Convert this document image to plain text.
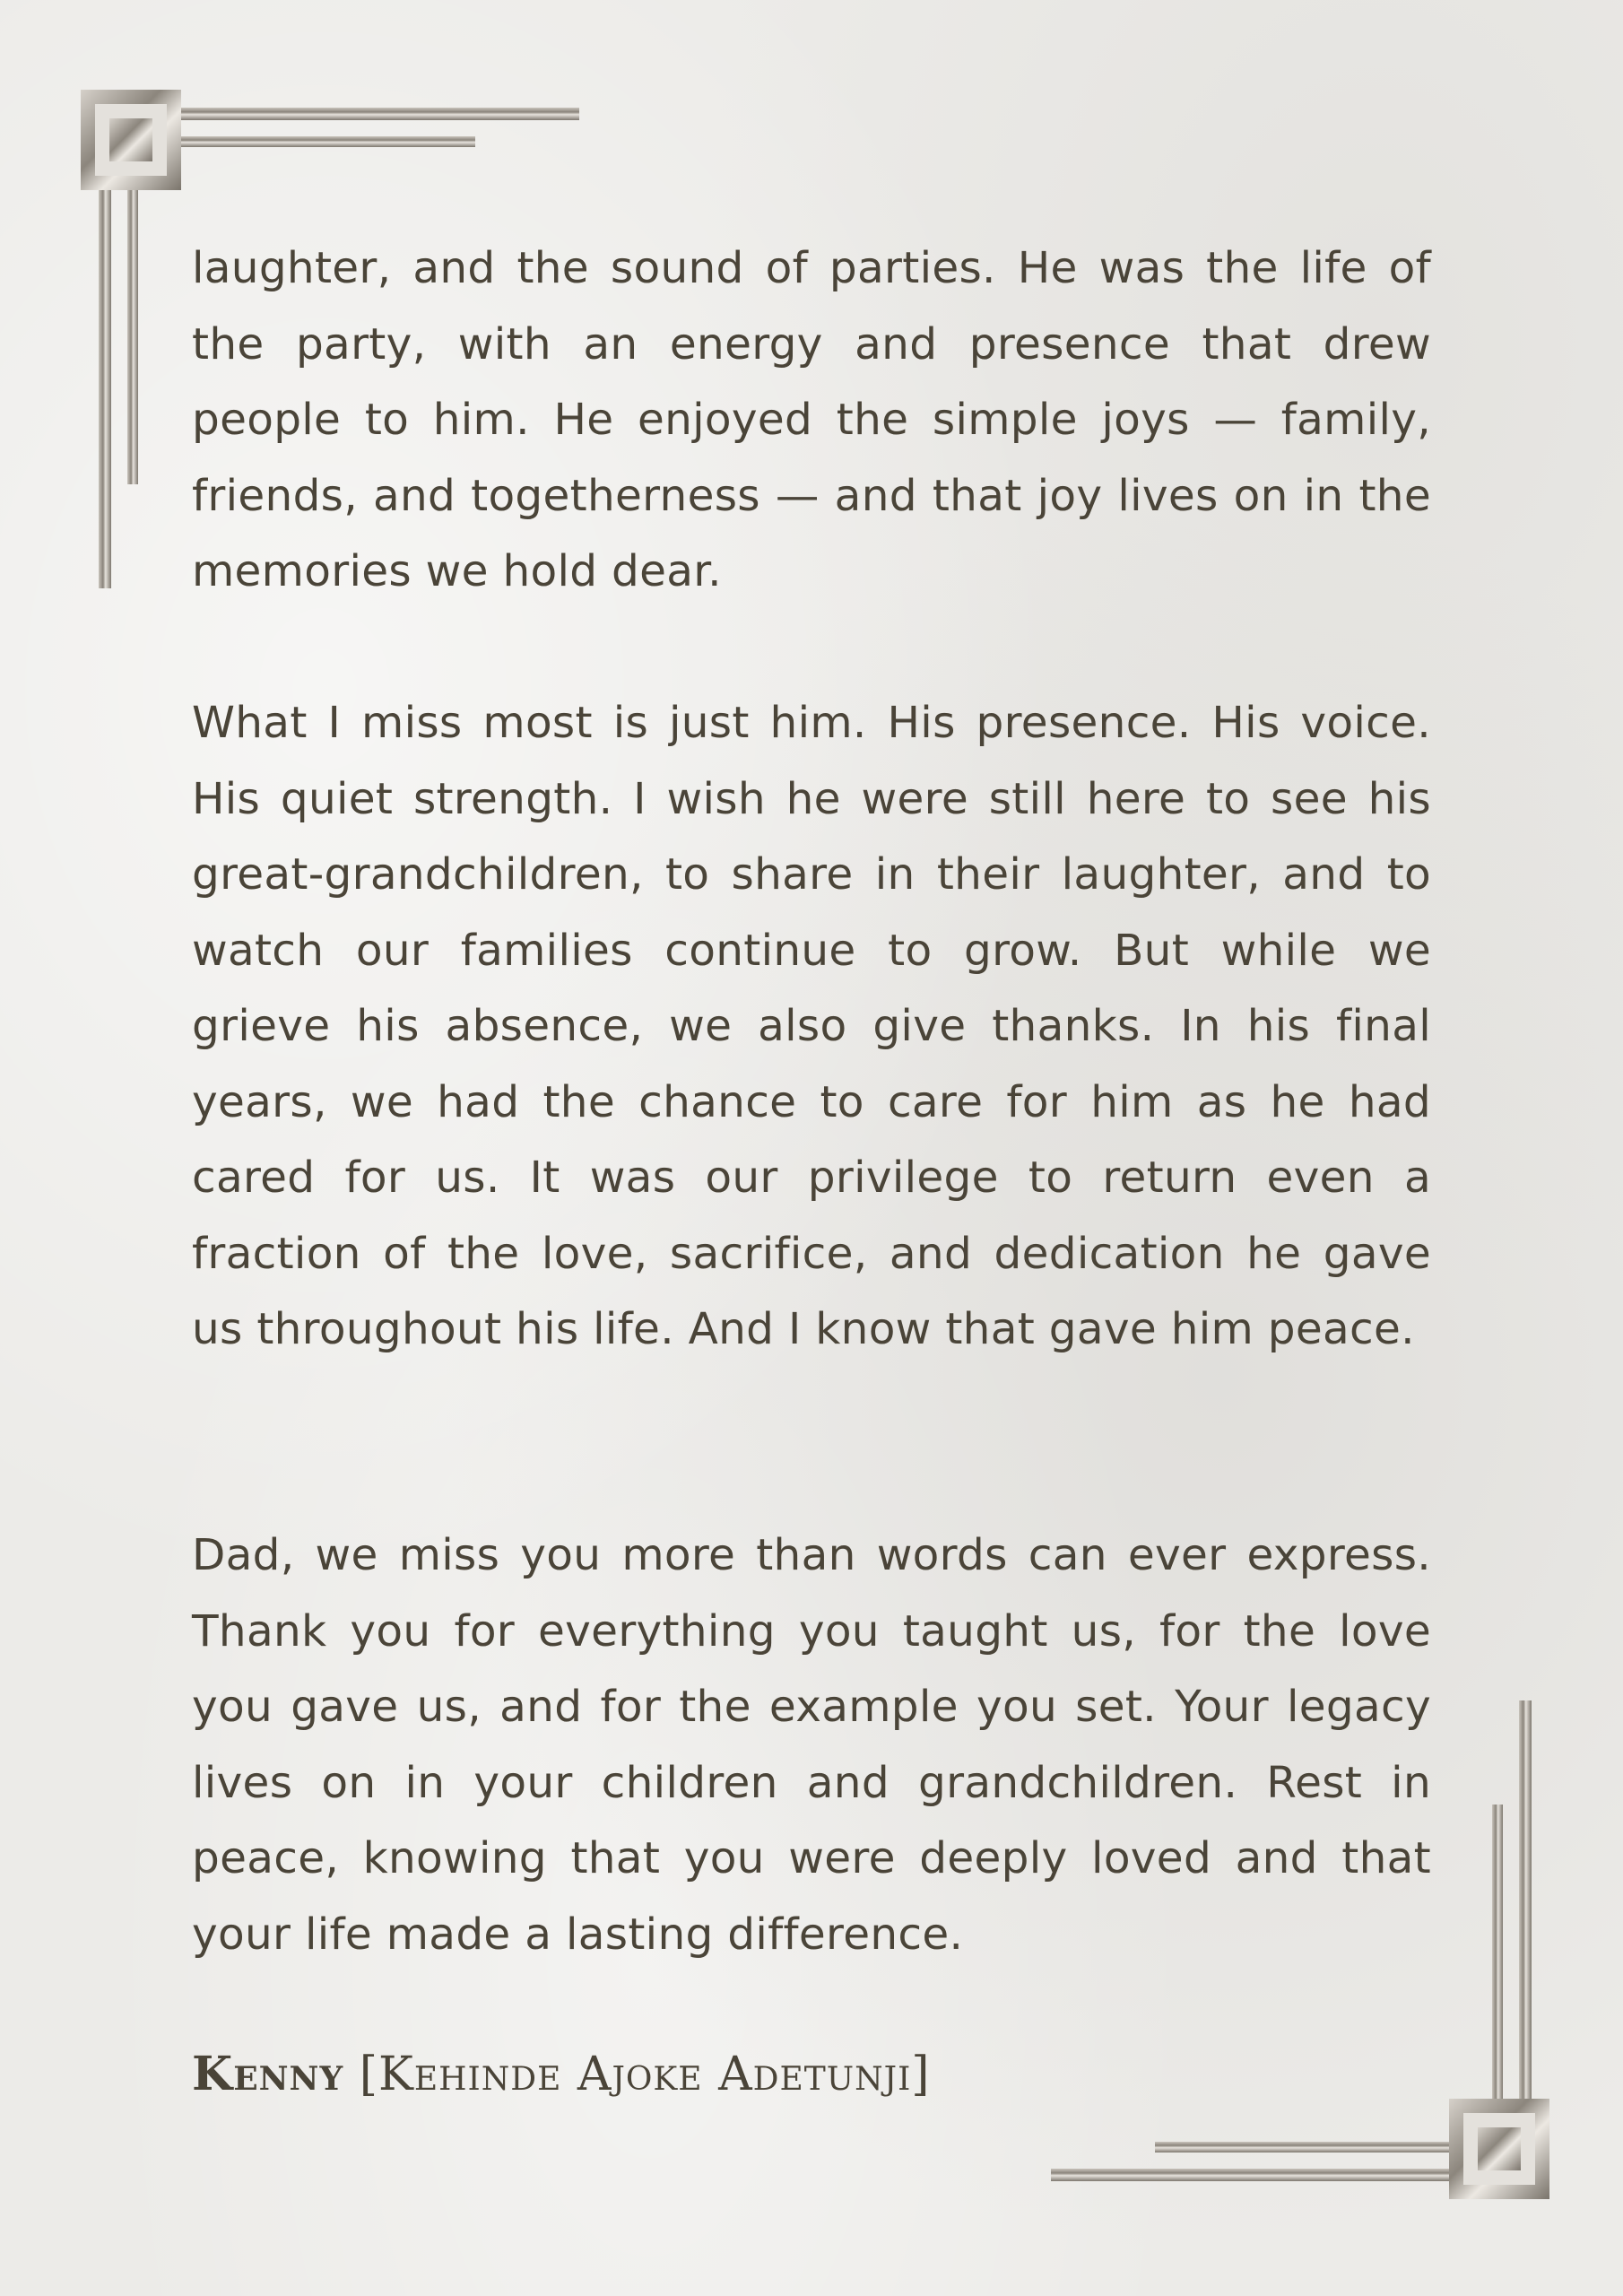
laughter, and the sound of parties. He was the life of the party, with an energy and presence that drew people to him. He enjoyed the simple joys — family, friends, and togetherness — and that joy lives on in the memories we hold dear.

What I miss most is just him. His presence. His voice. His quiet strength. I wish he were still here to see his great-grandchildren, to share in their laughter, and to watch our families continue to grow. But while we grieve his absence, we also give thanks. In his final years, we had the chance to care for him as he had cared for us. It was our privilege to return even a fraction of the love, sacrifice, and dedication he gave us throughout his life. And I know that gave him peace.

Dad, we miss you more than words can ever express. Thank you for everything you taught us, for the love you gave us, and for the example you set. Your legacy lives on in your children and grandchildren. Rest in peace, knowing that you were deeply loved and that your life made a lasting difference.

Kenny [Kehinde Ajoke Adetunji]
